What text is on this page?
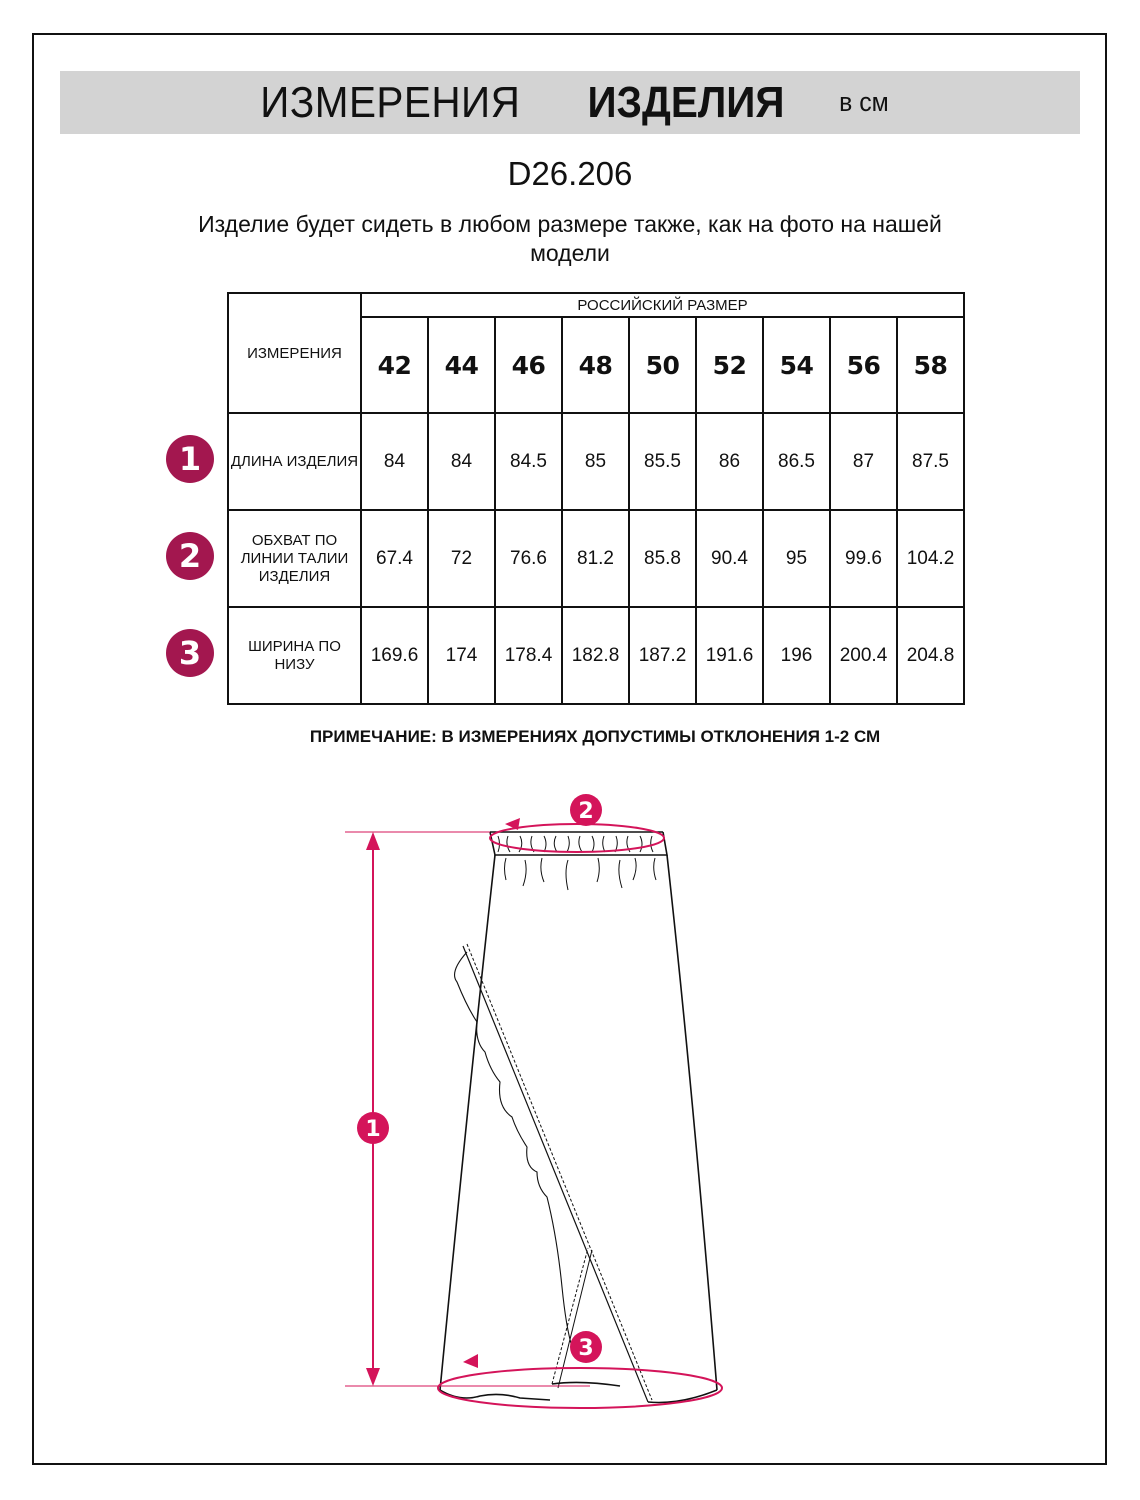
ИЗМЕРЕНИЯ ИЗДЕЛИЯ в см
D26.206
Изделие будет сидеть в любом размере также, как на фото на нашей модели
1
2
3
ИЗМЕРЕНИЯ	РОССИЙСКИЙ РАЗМЕР								
	42	44	46	48	50	52	54	56	58
ДЛИНА ИЗДЕЛИЯ	84	84	84.5	85	85.5	86	86.5	87	87.5
ОБХВАТ ПО ЛИНИИ ТАЛИИ ИЗДЕЛИЯ	67.4	72	76.6	81.2	85.8	90.4	95	99.6	104.2
ШИРИНА ПО НИЗУ	169.6	174	178.4	182.8	187.2	191.6	196	200.4	204.8
ПРИМЕЧАНИЕ: В ИЗМЕРЕНИЯХ ДОПУСТИМЫ ОТКЛОНЕНИЯ 1-2 СМ
1
2
3
